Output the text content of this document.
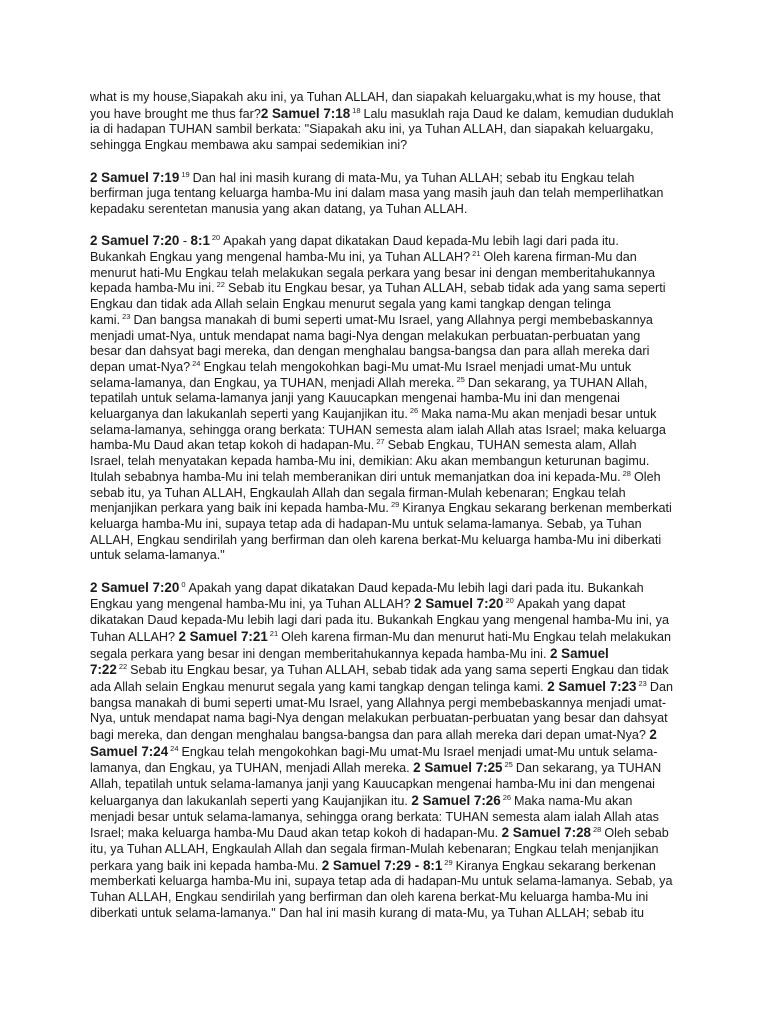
what is my house,Siapakah aku ini, ya Tuhan ALLAH, dan siapakah keluargaku,what is my house, that you have brought me thus far?2 Samuel 7:18 $^{18}$ Lalu masuklah raja Daud ke dalam, kemudian duduklah ia di hadapan TUHAN sambil berkata: "Siapakah aku ini, ya Tuhan ALLAH, dan siapakah keluargaku, sehingga Engkau membawa aku sampai sedemikian ini?

2 Samuel 7:19 $^{19}$ Dan hal ini masih kurang di mata-Mu, ya Tuhan ALLAH; sebab itu Engkau telah berfirman juga tentang keluarga hamba-Mu ini dalam masa yang masih jauh dan telah memperlihatkan kepadaku serentetan manusia yang akan datang, ya Tuhan ALLAH.

2 Samuel 7:20 - 8:1 $^{20}$ Apakah yang dapat dikatakan Daud kepada-Mu lebih lagi dari pada itu. Bukankah Engkau yang mengenal hamba-Mu ini, ya Tuhan ALLAH? $^{21}$ Oleh karena firman-Mu dan menurut hati-Mu Engkau telah melakukan segala perkara yang besar ini dengan memberitahukannya kepada hamba-Mu ini. $^{22}$ Sebab itu Engkau besar, ya Tuhan ALLAH, sebab tidak ada yang sama seperti Engkau dan tidak ada Allah selain Engkau menurut segala yang kami tangkap dengan telinga kami. $^{23}$ Dan bangsa manakah di bumi seperti umat-Mu Israel, yang Allahnya pergi membebaskannya menjadi umat-Nya, untuk mendapat nama bagi-Nya dengan melakukan perbuatan-perbuatan yang besar dan dahsyat bagi mereka, dan dengan menghalau bangsa-bangsa dan para allah mereka dari depan umat-Nya? $^{24}$ Engkau telah mengokohkan bagi-Mu umat-Mu Israel menjadi umat-Mu untuk selama-lamanya, dan Engkau, ya TUHAN, menjadi Allah mereka. $^{25}$ Dan sekarang, ya TUHAN Allah, tepatilah untuk selama-lamanya janji yang Kauucapkan mengenai hamba-Mu ini dan mengenai keluarganya dan lakukanlah seperti yang Kaujanjikan itu. $^{26}$ Maka nama-Mu akan menjadi besar untuk selama-lamanya, sehingga orang berkata: TUHAN semesta alam ialah Allah atas Israel; maka keluarga hamba-Mu Daud akan tetap kokoh di hadapan-Mu. $^{27}$ Sebab Engkau, TUHAN semesta alam, Allah Israel, telah menyatakan kepada hamba-Mu ini, demikian: Aku akan membangun keturunan bagimu. Itulah sebabnya hamba-Mu ini telah memberanikan diri untuk memanjatkan doa ini kepada-Mu. $^{28}$ Oleh sebab itu, ya Tuhan ALLAH, Engkaulah Allah dan segala firman-Mulah kebenaran; Engkau telah menjanjikan perkara yang baik ini kepada hamba-Mu. $^{29}$ Kiranya Engkau sekarang berkenan memberkati keluarga hamba-Mu ini, supaya tetap ada di hadapan-Mu untuk selama-lamanya. Sebab, ya Tuhan ALLAH, Engkau sendirilah yang berfirman dan oleh karena berkat-Mu keluarga hamba-Mu ini diberkati untuk selama-lamanya."

2 Samuel 7:20 $^0$ Apakah yang dapat dikatakan Daud kepada-Mu lebih lagi dari pada itu. Bukankah Engkau yang mengenal hamba-Mu ini, ya Tuhan ALLAH? 2 Samuel 7:20 $^{20}$ Apakah yang dapat dikatakan Daud kepada-Mu lebih lagi dari pada itu. Bukankah Engkau yang mengenal hamba-Mu ini, ya Tuhan ALLAH? 2 Samuel 7:21 $^{21}$ Oleh karena firman-Mu dan menurut hati-Mu Engkau telah melakukan segala perkara yang besar ini dengan memberitahukannya kepada hamba-Mu ini. 2 Samuel 7:22 $^{22}$ Sebab itu Engkau besar, ya Tuhan ALLAH, sebab tidak ada yang sama seperti Engkau dan tidak ada Allah selain Engkau menurut segala yang kami tangkap dengan telinga kami. 2 Samuel 7:23 $^{23}$ Dan bangsa manakah di bumi seperti umat-Mu Israel, yang Allahnya pergi membebaskannya menjadi umat-Nya, untuk mendapat nama bagi-Nya dengan melakukan perbuatan-perbuatan yang besar dan dahsyat bagi mereka, dan dengan menghalau bangsa-bangsa dan para allah mereka dari depan umat-Nya? 2 Samuel 7:24 $^{24}$ Engkau telah mengokohkan bagi-Mu umat-Mu Israel menjadi umat-Mu untuk selama-lamanya, dan Engkau, ya TUHAN, menjadi Allah mereka. 2 Samuel 7:25 $^{25}$ Dan sekarang, ya TUHAN Allah, tepatilah untuk selama-lamanya janji yang Kauucapkan mengenai hamba-Mu ini dan mengenai keluarganya dan lakukanlah seperti yang Kaujanjikan itu. 2 Samuel 7:26 $^{26}$ Maka nama-Mu akan menjadi besar untuk selama-lamanya, sehingga orang berkata: TUHAN semesta alam ialah Allah atas Israel; maka keluarga hamba-Mu Daud akan tetap kokoh di hadapan-Mu. 2 Samuel 7:28 $^{28}$ Oleh sebab itu, ya Tuhan ALLAH, Engkaulah Allah dan segala firman-Mulah kebenaran; Engkau telah menjanjikan perkara yang baik ini kepada hamba-Mu. 2 Samuel 7:29 - 8:1 $^{29}$ Kiranya Engkau sekarang berkenan memberkati keluarga hamba-Mu ini, supaya tetap ada di hadapan-Mu untuk selama-lamanya. Sebab, ya Tuhan ALLAH, Engkau sendirilah yang berfirman dan oleh karena berkat-Mu keluarga hamba-Mu ini diberkati untuk selama-lamanya." Dan hal ini masih kurang di mata-Mu, ya Tuhan ALLAH; sebab itu
